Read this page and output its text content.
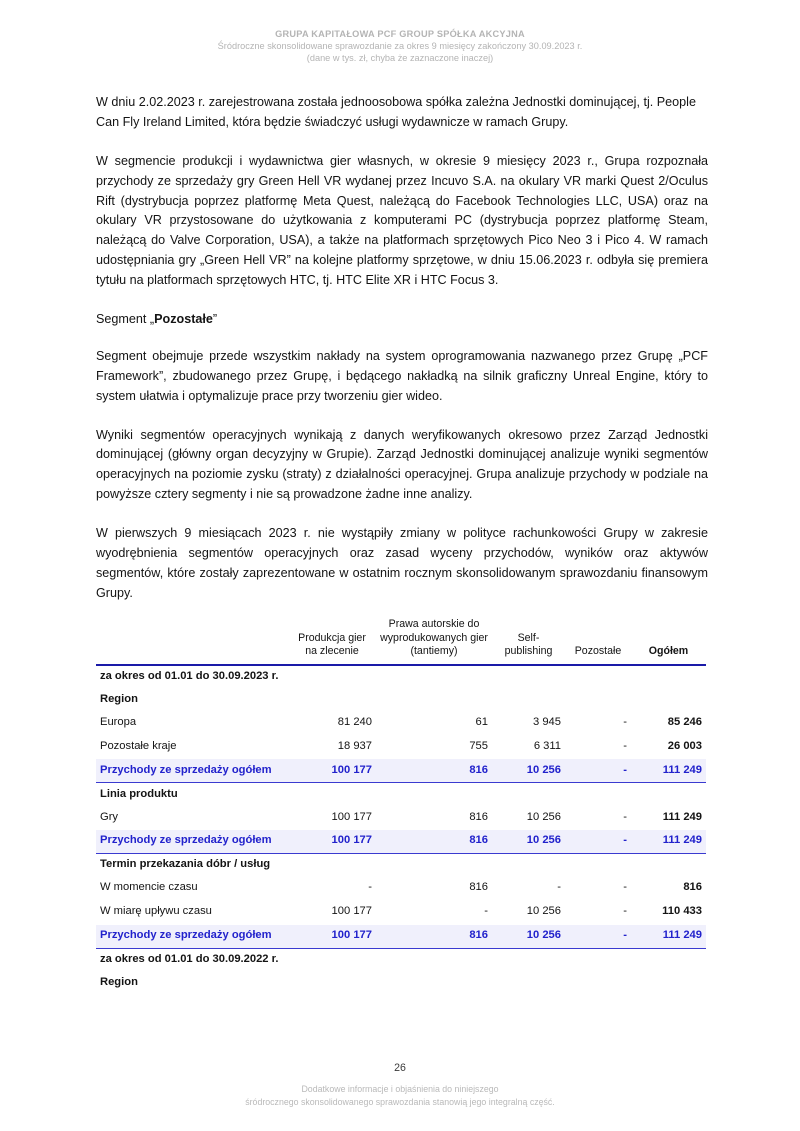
GRUPA KAPITAŁOWA PCF GROUP SPÓŁKA AKCYJNA
Śródroczne skonsolidowane sprawozdanie za okres 9 miesięcy zakończony 30.09.2023 r.
(dane w tys. zł, chyba że zaznaczone inaczej)

W dniu 2.02.2023 r. zarejestrowana została jednoosobowa spółka zależna Jednostki dominującej, tj. People Can Fly Ireland Limited, która będzie świadczyć usługi wydawnicze w ramach Grupy.

W segmencie produkcji i wydawnictwa gier własnych, w okresie 9 miesięcy 2023 r., Grupa rozpoznała przychody ze sprzedaży gry Green Hell VR wydanej przez Incuvo S.A. na okulary VR marki Quest 2/Oculus Rift (dystrybucja poprzez platformę Meta Quest, należącą do Facebook Technologies LLC, USA) oraz na okulary VR przystosowane do użytkowania z komputerami PC (dystrybucja poprzez platformę Steam, należącą do Valve Corporation, USA), a także na platformach sprzętowych Pico Neo 3 i Pico 4. W ramach udostępniania gry „Green Hell VR” na kolejne platformy sprzętowe, w dniu 15.06.2023 r. odbyła się premiera tytułu na platformach sprzętowych HTC, tj. HTC Elite XR i HTC Focus 3.

Segment „Pozostałe”

Segment obejmuje przede wszystkim nakłady na system oprogramowania nazwanego przez Grupę „PCF Framework”, zbudowanego przez Grupę, i będącego nakładką na silnik graficzny Unreal Engine, który to system ułatwia i optymalizuje prace przy tworzeniu gier wideo.

Wyniki segmentów operacyjnych wynikają z danych weryfikowanych okresowo przez Zarząd Jednostki dominującej (główny organ decyzyjny w Grupie). Zarząd Jednostki dominującej analizuje wyniki segmentów operacyjnych na poziomie zysku (straty) z działalności operacyjnej. Grupa analizuje przychody w podziale na powyższe cztery segmenty i nie są prowadzone żadne inne analizy.

W pierwszych 9 miesiącach 2023 r. nie wystąpiły zmiany w polityce rachunkowości Grupy w zakresie wyodrębnienia segmentów operacyjnych oraz zasad wyceny przychodów, wyników oraz aktywów segmentów, które zostały zaprezentowane w ostatnim rocznym skonsolidowanym sprawozdaniu finansowym Grupy.

	Produkcja gier na zlecenie	Prawa autorskie do wyprodukowanych gier (tantiemy)	Self-publishing	Pozostałe	Ogółem
za okres od 01.01 do 30.09.2023 r.					
Region					
Europa	81 240	61	3 945	-	85 246
Pozostałe kraje	18 937	755	6 311	-	26 003
Przychody ze sprzedaży ogółem	100 177	816	10 256	-	111 249
Linia produktu					
Gry	100 177	816	10 256	-	111 249
Przychody ze sprzedaży ogółem	100 177	816	10 256	-	111 249
Termin przekazania dóbr / usług					
W momencie czasu	-	816	-	-	816
W miarę upływu czasu	100 177	-	10 256	-	110 433
Przychody ze sprzedaży ogółem	100 177	816	10 256	-	111 249
za okres od 01.01 do 30.09.2022 r.					
Region					
26
Dodatkowe informacje i objaśnienia do niniejszego
śródrocznego skonsolidowanego sprawozdania stanowią jego integralną część.
